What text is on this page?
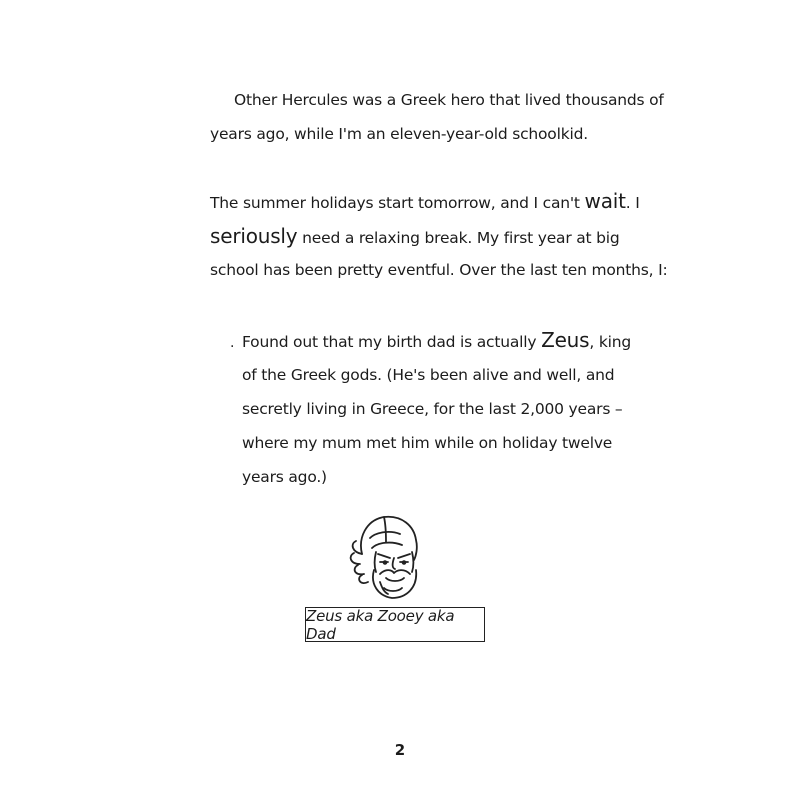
Other Hercules was a Greek hero that lived thousands of
years ago, while I'm an eleven-year-old schoolkid.
The summer holidays start tomorrow, and I can't wait. I
seriously need a relaxing break. My first year at big
school has been pretty eventful. Over the last ten months, I:
· Found out that my birth dad is actually Zeus, king
of the Greek gods. (He's been alive and well, and
secretly living in Greece, for the last 2,000 years –
where my mum met him while on holiday twelve
years ago.)
Zeus aka Zooey aka Dad
2
